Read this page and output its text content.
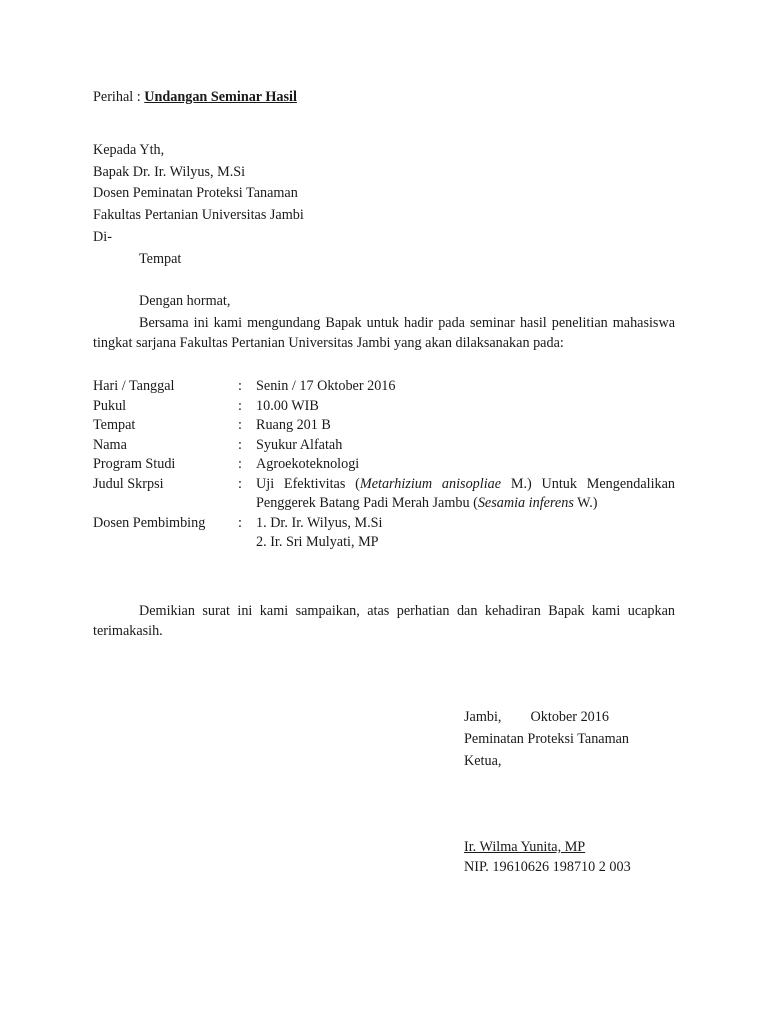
Perihal : Undangan Seminar Hasil
Kepada Yth,
Bapak Dr. Ir. Wilyus, M.Si
Dosen Peminatan Proteksi Tanaman
Fakultas Pertanian Universitas Jambi
Di-
Tempat
Dengan hormat,
Bersama ini kami mengundang Bapak untuk hadir pada seminar hasil penelitian mahasiswa tingkat sarjana Fakultas Pertanian Universitas Jambi yang akan dilaksanakan pada:
Hari / Tanggal	: Senin / 17 Oktober 2016
Pukul	: 10.00 WIB
Tempat	: Ruang 201 B
Nama	: Syukur Alfatah
Program Studi	: Agroekoteknologi
Judul Skrpsi	: Uji Efektivitas (Metarhizium anisopliae M.) Untuk Mengendalikan Penggerek Batang Padi Merah Jambu (Sesamia inferens W.)
Dosen Pembimbing	: 1. Dr. Ir. Wilyus, M.Si
2. Ir. Sri Mulyati, MP
Demikian surat ini kami sampaikan, atas perhatian dan kehadiran Bapak kami ucapkan terimakasih.
Jambi, Oktober 2016
Peminatan Proteksi Tanaman
Ketua,
Ir. Wilma Yunita, MP
NIP. 19610626 198710 2 003
